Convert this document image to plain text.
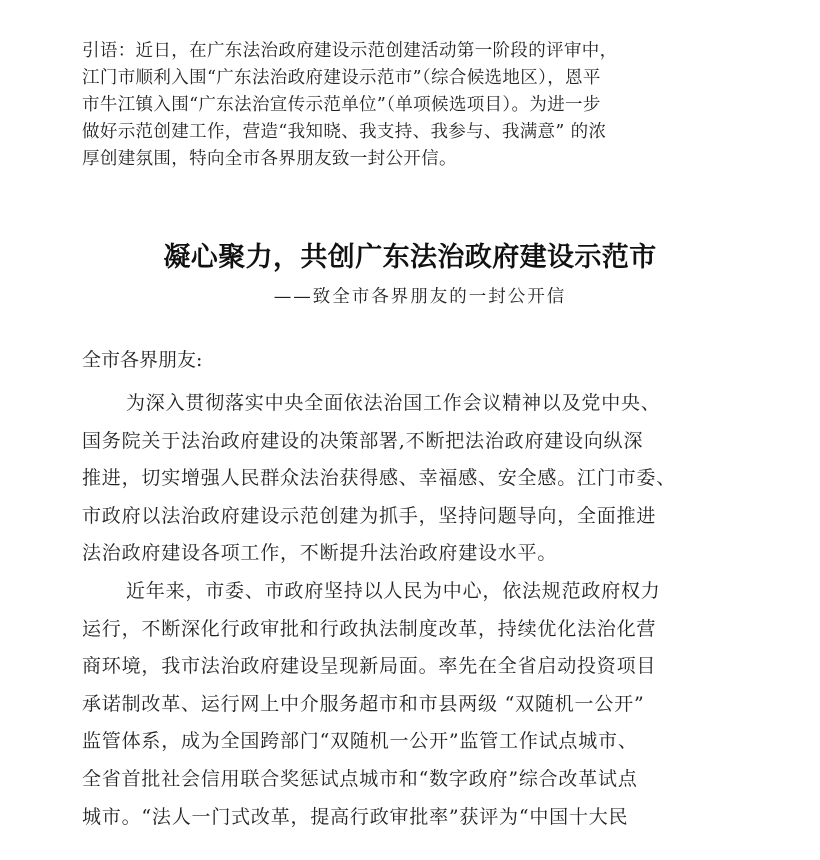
引语：近日，在广东法治政府建设示范创建活动第一阶段的评审中，
江门市顺利入围“广东法治政府建设示范市”（综合候选地区），恩平
市牛江镇入围“广东法治宣传示范单位”（单项候选项目）。为进一步
做好示范创建工作，营造“我知晓、我支持、我参与、我满意” 的浓
厚创建氛围，特向全市各界朋友致一封公开信。
凝心聚力，共创广东法治政府建设示范市
——致全市各界朋友的一封公开信
全市各界朋友:
为深入贯彻落实中央全面依法治国工作会议精神以及党中央、
国务院关于法治政府建设的决策部署,不断把法治政府建设向纵深
推进，切实增强人民群众法治获得感、幸福感、安全感。江门市委、
市政府以法治政府建设示范创建为抓手，坚持问题导向，全面推进
法治政府建设各项工作，不断提升法治政府建设水平。
近年来，市委、市政府坚持以人民为中心，依法规范政府权力
运行，不断深化行政审批和行政执法制度改革，持续优化法治化营
商环境，我市法治政府建设呈现新局面。率先在全省启动投资项目
承诺制改革、运行网上中介服务超市和市县两级 “双随机一公开”
监管体系，成为全国跨部门“双随机一公开”监管工作试点城市、
全省首批社会信用联合奖惩试点城市和“数字政府”综合改革试点
城市。“法人一门式改革，提高行政审批率”获评为“中国十大民
